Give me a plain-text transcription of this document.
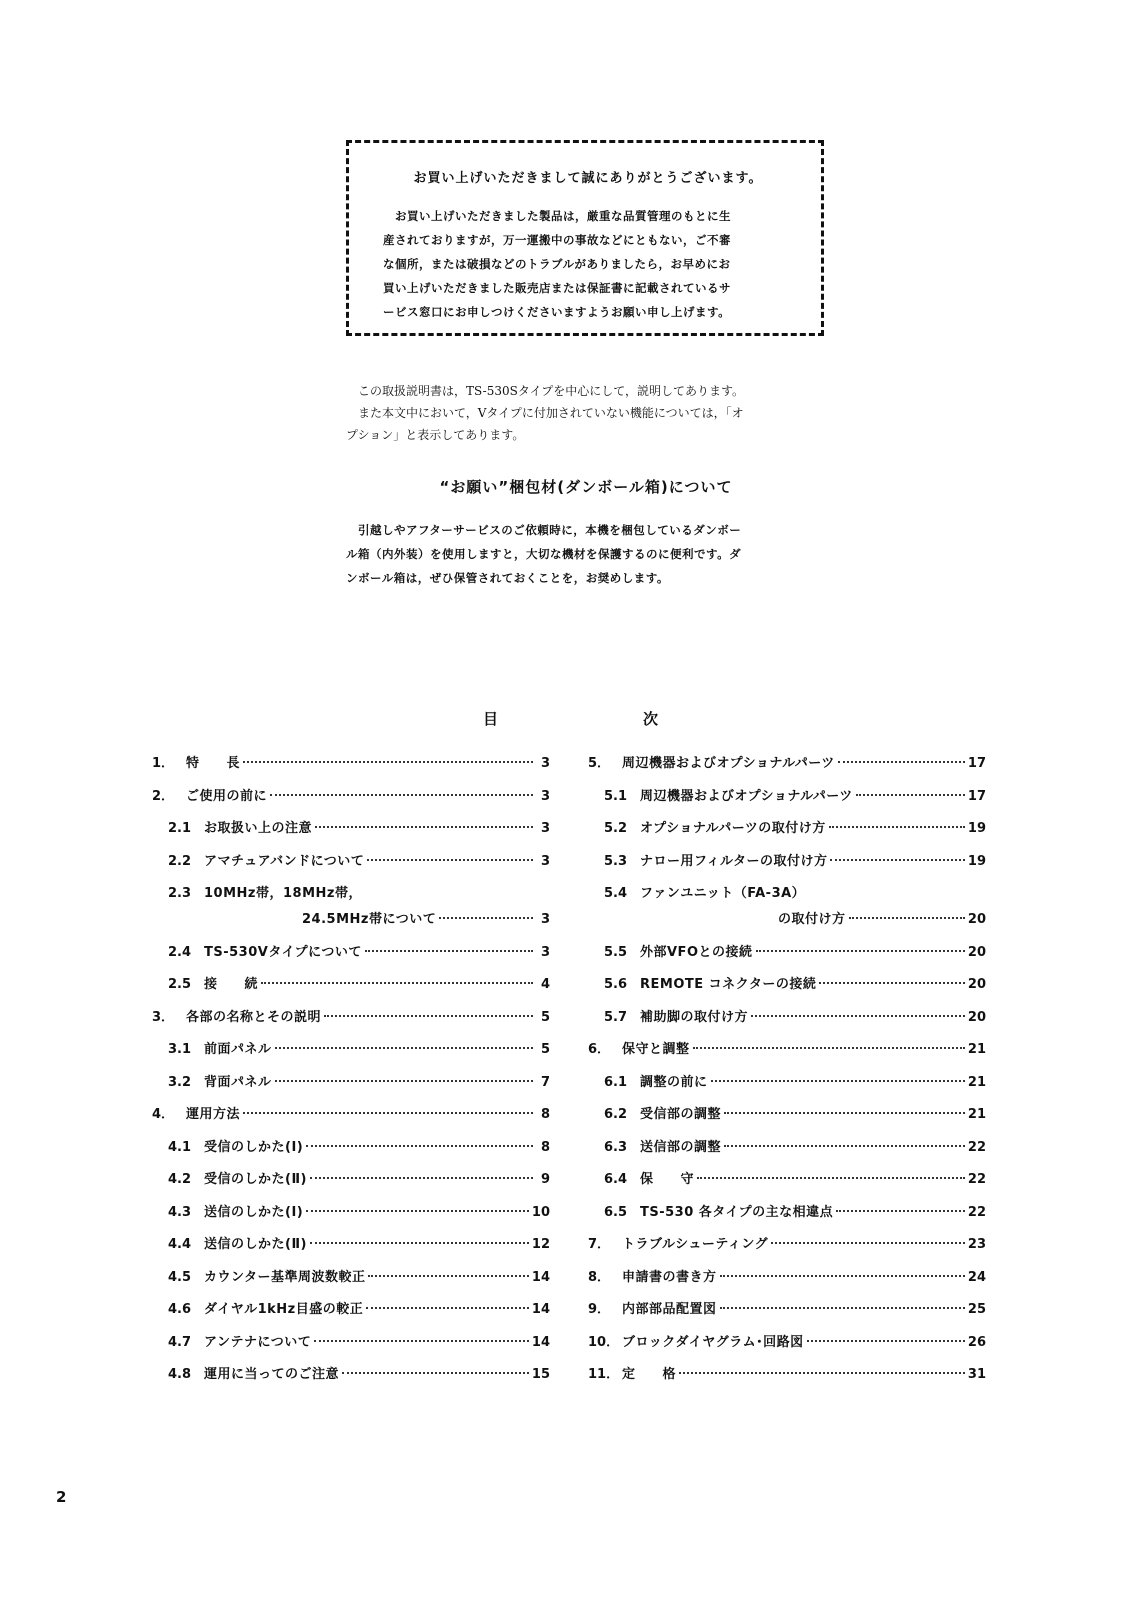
お買い上げいただきまして誠にありがとうございます。
お買い上げいただきました製品は，厳重な品質管理のもとに生
産されておりますが，万一運搬中の事故などにともない，ご不審
な個所，または破損などのトラブルがありましたら，お早めにお
買い上げいただきました販売店または保証書に記載されているサ
ービス窓口にお申しつけくださいますようお願い申し上げます。
この取扱説明書は，TS-530Sタイプを中心にして，説明してあります。
また本文中において，Vタイプに付加されていない機能については，「オ
プション」と表示してあります。
“お願い”梱包材(ダンボール箱)について
引越しやアフターサービスのご依頼時に，本機を梱包しているダンボー
ル箱（内外装）を使用しますと，大切な機材を保護するのに便利です。ダ
ンボール箱は，ぜひ保管されておくことを，お奨めします。
目	次
1． 特　　長	3
2． ご使用の前に	3
2.1 お取扱い上の注意	3
2.2 アマチュアバンドについて	3
2.3 10MHz帯，18MHz帯，
24.5MHz帯について	3
2.4 TS-530Vタイプについて	3
2.5 接　　続	4
3． 各部の名称とその説明	5
3.1 前面パネル	5
3.2 背面パネル	7
4． 運用方法	8
4.1 受信のしかた(Ⅰ)	8
4.2 受信のしかた(Ⅱ)	9
4.3 送信のしかた(Ⅰ)	10
4.4 送信のしかた(Ⅱ)	12
4.5 カウンター基準周波数較正	14
4.6 ダイヤル1kHz目盛の較正	14
4.7 アンテナについて	14
4.8 運用に当ってのご注意	15
5． 周辺機器およびオプショナルパーツ	17
5.1 周辺機器およびオプショナルパーツ	17
5.2 オプショナルパーツの取付け方	19
5.3 ナロー用フィルターの取付け方	19
5.4 ファンユニット（FA-3A）
の取付け方	20
5.5 外部VFOとの接続	20
5.6 REMOTE コネクターの接続	20
5.7 補助脚の取付け方	20
6． 保守と調整	21
6.1 調整の前に	21
6.2 受信部の調整	21
6.3 送信部の調整	22
6.4 保　　守	22
6.5 TS-530 各タイプの主な相違点	22
7． トラブルシューティング	23
8． 申請書の書き方	24
9． 内部部品配置図	25
10． ブロックダイヤグラム･回路図	26
11． 定　　格	31
2
